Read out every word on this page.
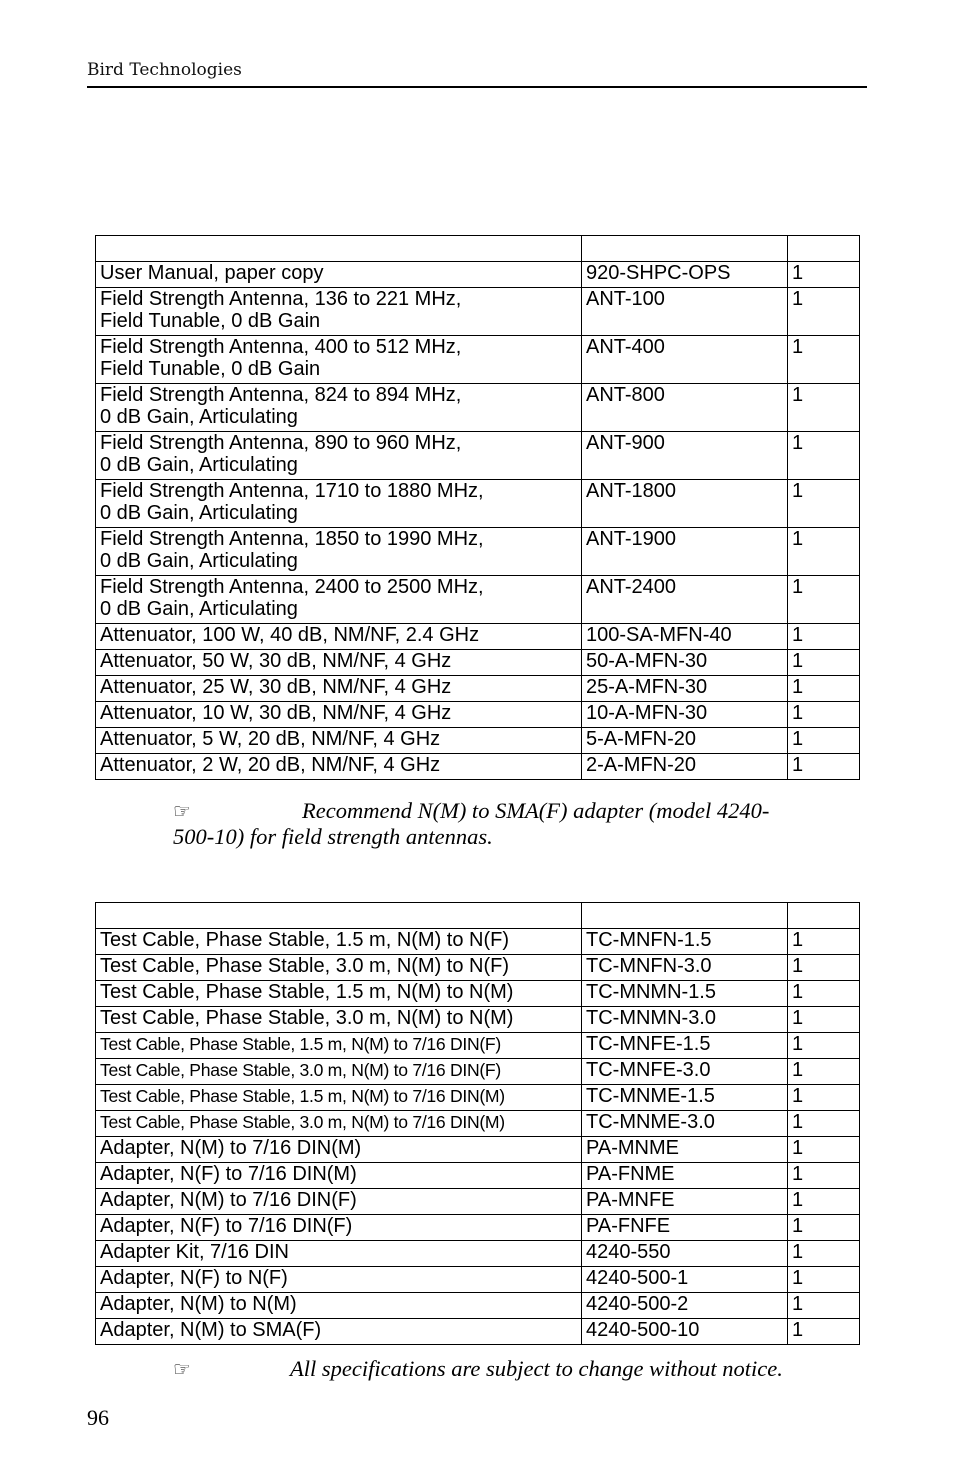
Bird Technologies

User Manual, paper copy	920-SHPC-OPS	1

Field Strength Antenna, 136 to 221 MHz,
Field Tunable, 0 dB Gain	ANT-100	1

Field Strength Antenna, 400 to 512 MHz,
Field Tunable, 0 dB Gain	ANT-400	1

Field Strength Antenna, 824 to 894 MHz,
0 dB Gain, Articulating	ANT-800	1

Field Strength Antenna, 890 to 960 MHz,
0 dB Gain, Articulating	ANT-900	1

Field Strength Antenna, 1710 to 1880 MHz,
0 dB Gain, Articulating	ANT-1800	1

Field Strength Antenna, 1850 to 1990 MHz,
0 dB Gain, Articulating	ANT-1900	1

Field Strength Antenna, 2400 to 2500 MHz,
0 dB Gain, Articulating	ANT-2400	1

Attenuator, 100 W, 40 dB, NM/NF, 2.4 GHz	100-SA-MFN-40	1

Attenuator, 50 W, 30 dB, NM/NF, 4 GHz	50-A-MFN-30	1

Attenuator, 25 W, 30 dB, NM/NF, 4 GHz	25-A-MFN-30	1

Attenuator, 10 W, 30 dB, NM/NF, 4 GHz	10-A-MFN-30	1

Attenuator, 5 W, 20 dB, NM/NF, 4 GHz	5-A-MFN-20	1

Attenuator, 2 W, 20 dB, NM/NF, 4 GHz	2-A-MFN-20	1
☞	Recommend N(M) to SMA(F) adapter (model 4240-
500-10) for field strength antennas.

Test Cable, Phase Stable, 1.5 m, N(M) to N(F)	TC-MNFN-1.5	1

Test Cable, Phase Stable, 3.0 m, N(M) to N(F)	TC-MNFN-3.0	1

Test Cable, Phase Stable, 1.5 m, N(M) to N(M)	TC-MNMN-1.5	1

Test Cable, Phase Stable, 3.0 m, N(M) to N(M)	TC-MNMN-3.0	1

Test Cable, Phase Stable, 1.5 m, N(M) to 7/16 DIN(F)	TC-MNFE-1.5	1

Test Cable, Phase Stable, 3.0 m, N(M) to 7/16 DIN(F)	TC-MNFE-3.0	1

Test Cable, Phase Stable, 1.5 m, N(M) to 7/16 DIN(M)	TC-MNME-1.5	1

Test Cable, Phase Stable, 3.0 m, N(M) to 7/16 DIN(M)	TC-MNME-3.0	1

Adapter, N(M) to 7/16 DIN(M)	PA-MNME	1

Adapter, N(F) to 7/16 DIN(M)	PA-FNME	1

Adapter, N(M) to 7/16 DIN(F)	PA-MNFE	1

Adapter, N(F) to 7/16 DIN(F)	PA-FNFE	1

Adapter Kit, 7/16 DIN	4240-550	1

Adapter, N(F) to N(F)	4240-500-1	1

Adapter, N(M) to N(M)	4240-500-2	1

Adapter, N(M) to SMA(F)	4240-500-10	1
☞	All specifications are subject to change without notice.
96
